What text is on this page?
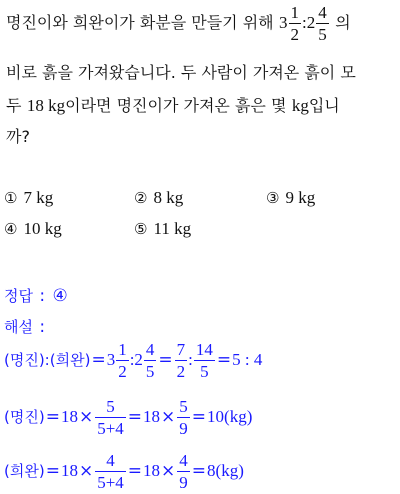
명진이와 희완이가 화분을 만들기 위해 $3 \frac{1}{2}$ :2 $\frac{4}{5}$ 의
비로 흙을 가져왔습니다. 두 사람이 가져온 흙이 모
두 18 kg이라면 명진이가 가져온 흙은 몇 kg입니
까?
① 7 kg	② 8 kg	③ 9 kg
④ 10 kg	⑤ 11 kg
정답 : ④
해설 :
(명진):(희완)$=3 \frac{1}{2}$ :2 $\frac{4}{5} = \frac{7}{2}$ : $\frac{14}{5} =5$ : 4
(명진)$=18\times \frac{5}{5+4} =18\times \frac{5}{9} =10(kg)$
(희완)$=18\times \frac{4}{5+4} =18\times \frac{4}{9} =8(kg)$
